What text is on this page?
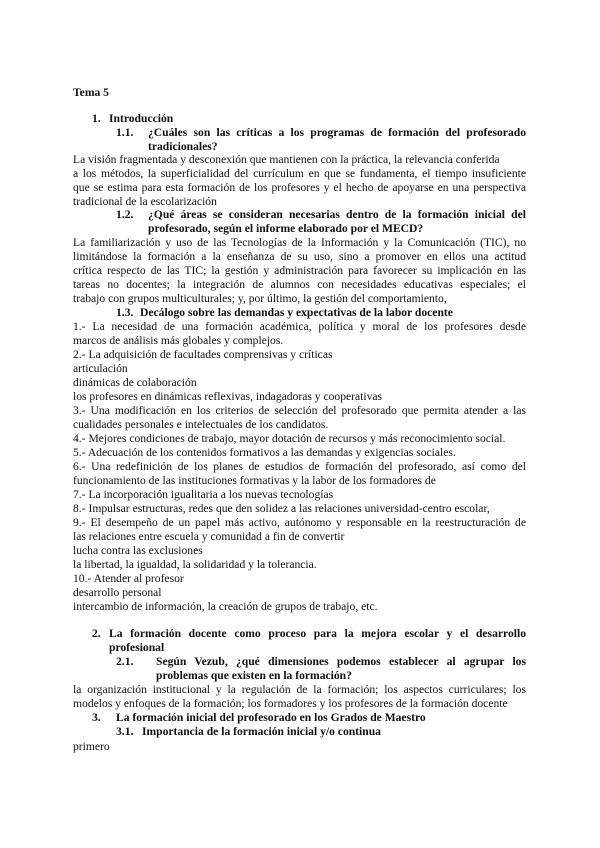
Tema 5
1. Introducción
1.1. ¿Cuáles son las críticas a los programas de formación del profesorado
tradicionales?
La visión fragmentada y desconexión que mantienen con la práctica, la relevancia conferida
a los métodos, la superficialidad del currículum en que se fundamenta, el tiempo insuficiente
que se estima para esta formación de los profesores y el hecho de apoyarse en una perspectiva
tradicional de la escolarización
1.2. ¿Qué áreas se consideran necesarias dentro de la formación inicial del
profesorado, según el informe elaborado por el MECD?
La familiarización y uso de las Tecnologías de la Información y la Comunicación (TIC), no
limitándose la formación a la enseñanza de su uso, sino a promover en ellos una actitud
crítica respecto de las TIC; la gestión y administración para favorecer su implicación en las
tareas no docentes; la integración de alumnos con necesidades educativas especiales; el
trabajo con grupos multiculturales; y, por último, la gestión del comportamiento,
1.3. Decálogo sobre las demandas y expectativas de la labor docente
1.- La necesidad de una formación académica, política y moral de los profesores desde
marcos de análisis más globales y complejos.
2.- La adquisición de facultades comprensivas y críticas
articulación
dinámicas de colaboración
los profesores en dinámicas reflexivas, indagadoras y cooperativas
3.- Una modificación en los criterios de selección del profesorado que permita atender a las
cualidades personales e intelectuales de los candidatos.
4.- Mejores condiciones de trabajo, mayor dotación de recursos y más reconocimiento social.
5.- Adecuación de los contenidos formativos a las demandas y exigencias sociales.
6.- Una redefinición de los planes de estudios de formación del profesorado, así como del
funcionamiento de las instituciones formativas y la labor de los formadores de
7.- La incorporación igualitaria a los nuevas tecnologías
8.- Impulsar estructuras, redes que den solidez a las relaciones universidad-centro escolar,
9.- El desempeño de un papel más activo, autónomo y responsable en la reestructuración de
las relaciones entre escuela y comunidad a fin de convertir
lucha contra las exclusiones
la libertad, la igualdad, la solidaridad y la tolerancia.
10.- Atender al profesor
desarrollo personal
intercambio de información, la creación de grupos de trabajo, etc.
2. La formación docente como proceso para la mejora escolar y el desarrollo
profesional
2.1. Según Vezub, ¿qué dimensiones podemos establecer al agrupar los
problemas que existen en la formación?
la organización institucional y la regulación de la formación; los aspectos curriculares; los
modelos y enfoques de la formación; los formadores y los profesores de la formación docente
3. La formación inicial del profesorado en los Grados de Maestro
3.1. Importancia de la formación inicial y/o continua
primero
